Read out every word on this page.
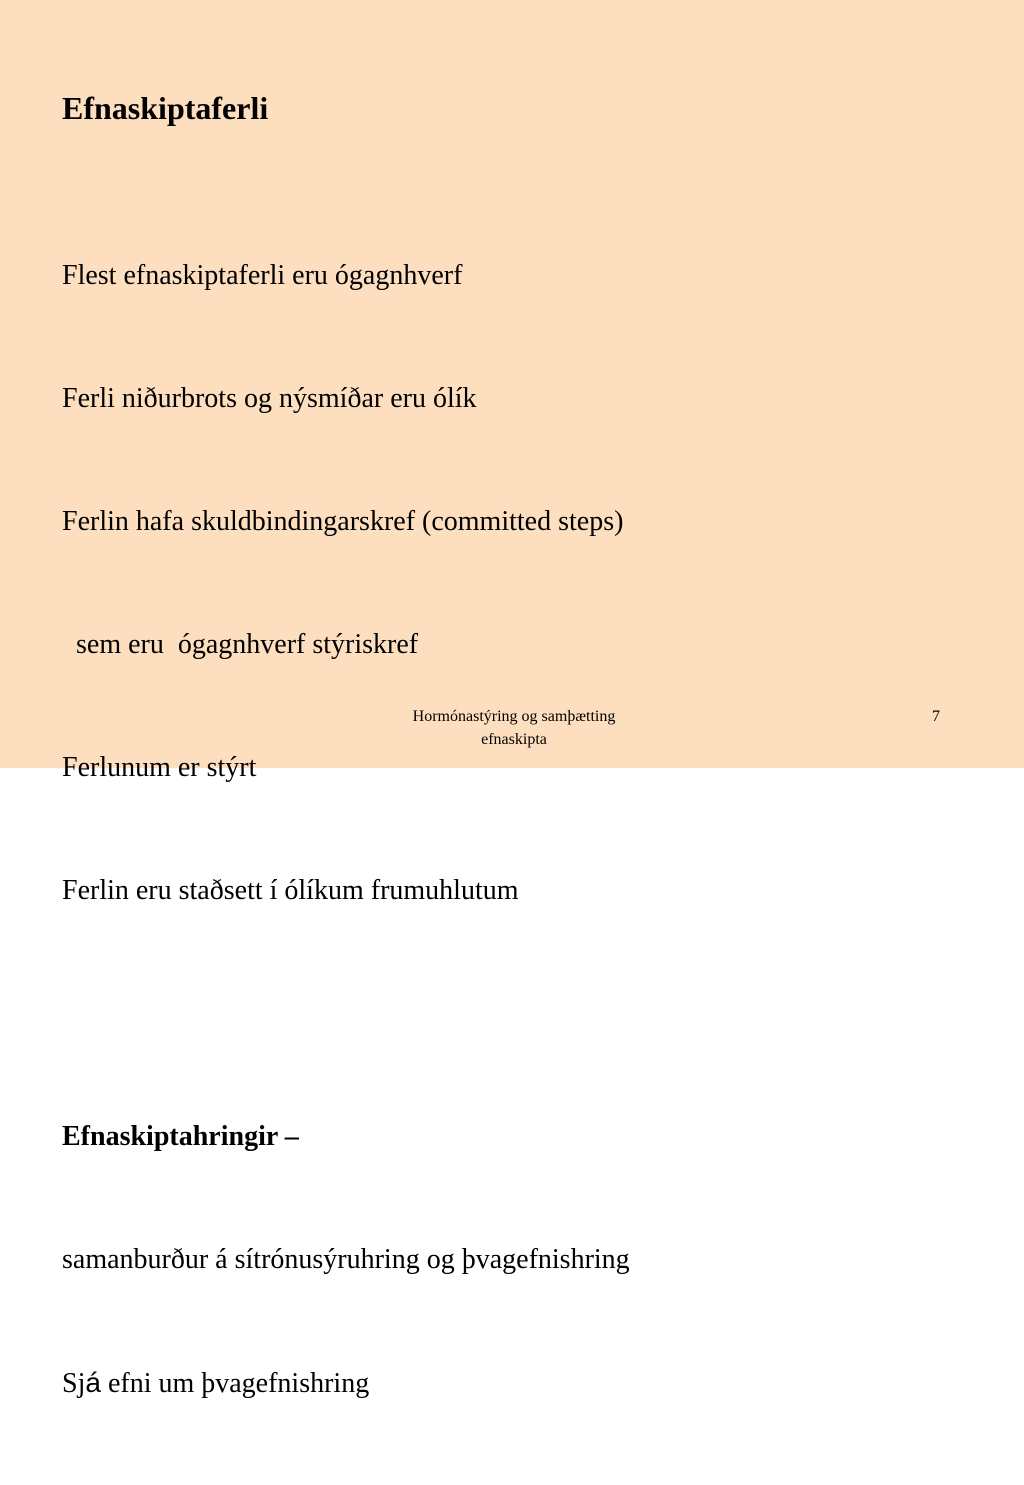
Efnaskiptaferli

Flest efnaskiptaferli eru ógagnhverf

Ferli niðurbrots og nýsmíðar eru ólík

Ferlin hafa skuldbindingarskref (committed steps)

sem eru  ógagnhverf stýriskref

Ferlunum er stýrt

Ferlin eru staðsett í ólíkum frumuhlutum

Efnaskiptahringir –

samanburður á sítrónusýruhring og þvagefnishring

Sjá efni um þvagefnishring

Hormónastýring og samþætting
efnaskipta
7
